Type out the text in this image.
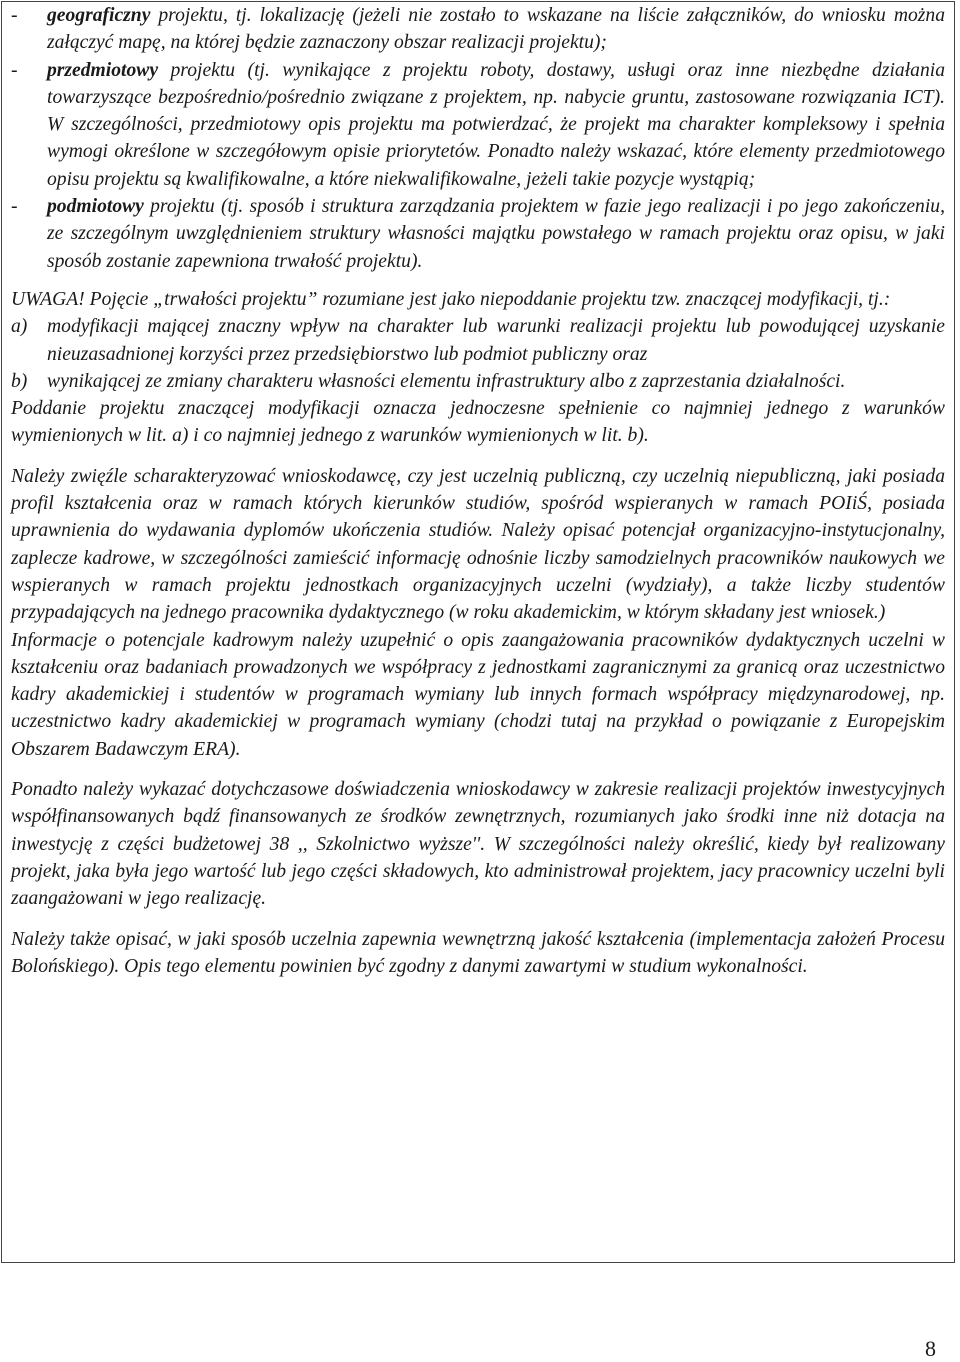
- geograficzny projektu, tj. lokalizację (jeżeli nie zostało to wskazane na liście załączników, do wniosku można załączyć mapę, na której będzie zaznaczony obszar realizacji projektu);
- przedmiotowy projektu (tj. wynikające z projektu roboty, dostawy, usługi oraz inne niezbędne działania towarzyszące bezpośrednio/pośrednio związane z projektem, np. nabycie gruntu, zastosowane rozwiązania ICT). W szczególności, przedmiotowy opis projektu ma potwierdzać, że projekt ma charakter kompleksowy i spełnia wymogi określone w szczegółowym opisie priorytetów. Ponadto należy wskazać, które elementy przedmiotowego opisu projektu są kwalifikowalne, a które niekwalifikowalne, jeżeli takie pozycje wystąpią;
- podmiotowy projektu (tj. sposób i struktura zarządzania projektem w fazie jego realizacji i po jego zakończeniu, ze szczególnym uwzględnieniem struktury własności majątku powstałego w ramach projektu oraz opisu, w jaki sposób zostanie zapewniona trwałość projektu).

UWAGA! Pojęcie „trwałości projektu” rozumiane jest jako niepoddanie projektu tzw. znaczącej modyfikacji, tj.:

a) modyfikacji mającej znaczny wpływ na charakter lub warunki realizacji projektu lub powodującej uzyskanie nieuzasadnionej korzyści przez przedsiębiorstwo lub podmiot publiczny oraz
b) wynikającej ze zmiany charakteru własności elementu infrastruktury albo z zaprzestania działalności.

Poddanie projektu znaczącej modyfikacji oznacza jednoczesne spełnienie co najmniej jednego z warunków wymienionych w lit. a) i co najmniej jednego z warunków wymienionych w lit. b).

Należy zwięźle scharakteryzować wnioskodawcę, czy jest uczelnią publiczną, czy uczelnią niepubliczną, jaki posiada profil kształcenia oraz w ramach których kierunków studiów, spośród wspieranych w ramach POIiŚ, posiada uprawnienia do wydawania dyplomów ukończenia studiów. Należy opisać potencjał organizacyjno-instytucjonalny, zaplecze kadrowe, w szczególności zamieścić informację odnośnie liczby samodzielnych pracowników naukowych we wspieranych w ramach projektu jednostkach organizacyjnych uczelni (wydziały), a także liczby studentów przypadających na jednego pracownika dydaktycznego (w roku akademickim, w którym składany jest wniosek.)

Informacje o potencjale kadrowym należy uzupełnić o opis zaangażowania pracowników dydaktycznych uczelni w kształceniu oraz badaniach prowadzonych we współpracy z jednostkami zagranicznymi za granicą oraz uczestnictwo kadry akademickiej i studentów w programach wymiany lub innych formach współpracy międzynarodowej, np. uczestnictwo kadry akademickiej w programach wymiany (chodzi tutaj na przykład o powiązanie z Europejskim Obszarem Badawczym ERA).

Ponadto należy wykazać dotychczasowe doświadczenia wnioskodawcy w zakresie realizacji projektów inwestycyjnych współfinansowanych bądź finansowanych ze środków zewnętrznych, rozumianych jako środki inne niż dotacja na inwestycję z części budżetowej 38 ,, Szkolnictwo wyższe''. W szczególności należy określić, kiedy był realizowany projekt, jaka była jego wartość lub jego części składowych, kto administrował projektem, jacy pracownicy uczelni byli zaangażowani w jego realizację.

Należy także opisać, w jaki sposób uczelnia zapewnia wewnętrzną jakość kształcenia (implementacja założeń Procesu Bolońskiego). Opis tego elementu powinien być zgodny z danymi zawartymi w studium wykonalności.

8
